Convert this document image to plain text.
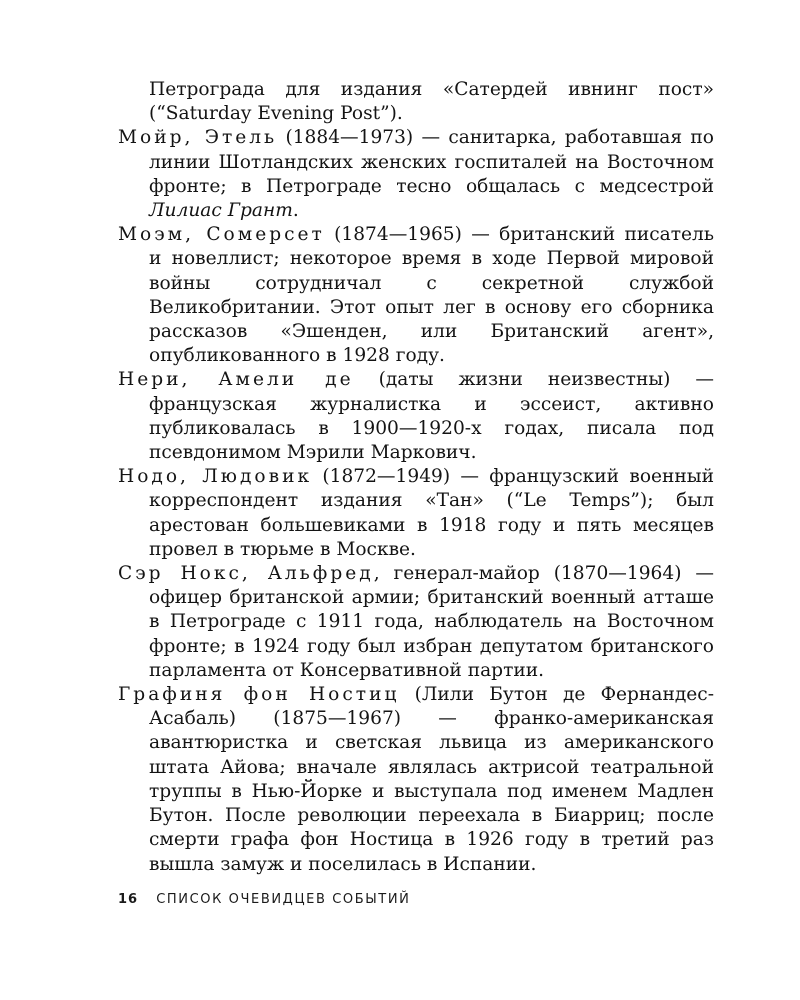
Петрограда для издания «Сатердей ивнинг пост» (“Saturday Evening Post”).

Мойр, Этель (1884—1973) — санитарка, работавшая по линии Шотландских женских госпиталей на Восточном фронте; в Петрограде тесно общалась с медсестрой Лилиас Грант.

Моэм, Сомерсет (1874—1965) — британский писатель и новеллист; некоторое время в ходе Первой мировой войны сотрудничал с секретной службой Великобритании. Этот опыт лег в основу его сборника рассказов «Эшенден, или Британский агент», опубликованного в 1928 году.

Нери, Амели де (даты жизни неизвестны) — французская журналистка и эссеист, активно публиковалась в 1900—1920-х годах, писала под псевдонимом Мэрили Маркович.

Нодо, Людовик (1872—1949) — французский военный корреспондент издания «Тан» (“Le Temps”); был арестован большевиками в 1918 году и пять месяцев провел в тюрьме в Москве.

Сэр Нокс, Альфред, генерал-майор (1870—1964) — офицер британской армии; британский военный атташе в Петрограде с 1911 года, наблюдатель на Восточном фронте; в 1924 году был избран депутатом британского парламента от Консервативной партии.

Графиня фон Ностиц (Лили Бутон де Фернандес-Асабаль) (1875—1967) — франко-американская авантюристка и светская львица из американского штата Айова; вначале являлась актрисой театральной труппы в Нью-Йорке и выступала под именем Мадлен Бутон. После революции переехала в Биарриц; после смерти графа фон Ностица в 1926 году в третий раз вышла замуж и поселилась в Испании.

16 СПИСОК ОЧЕВИДЦЕВ СОБЫТИЙ
